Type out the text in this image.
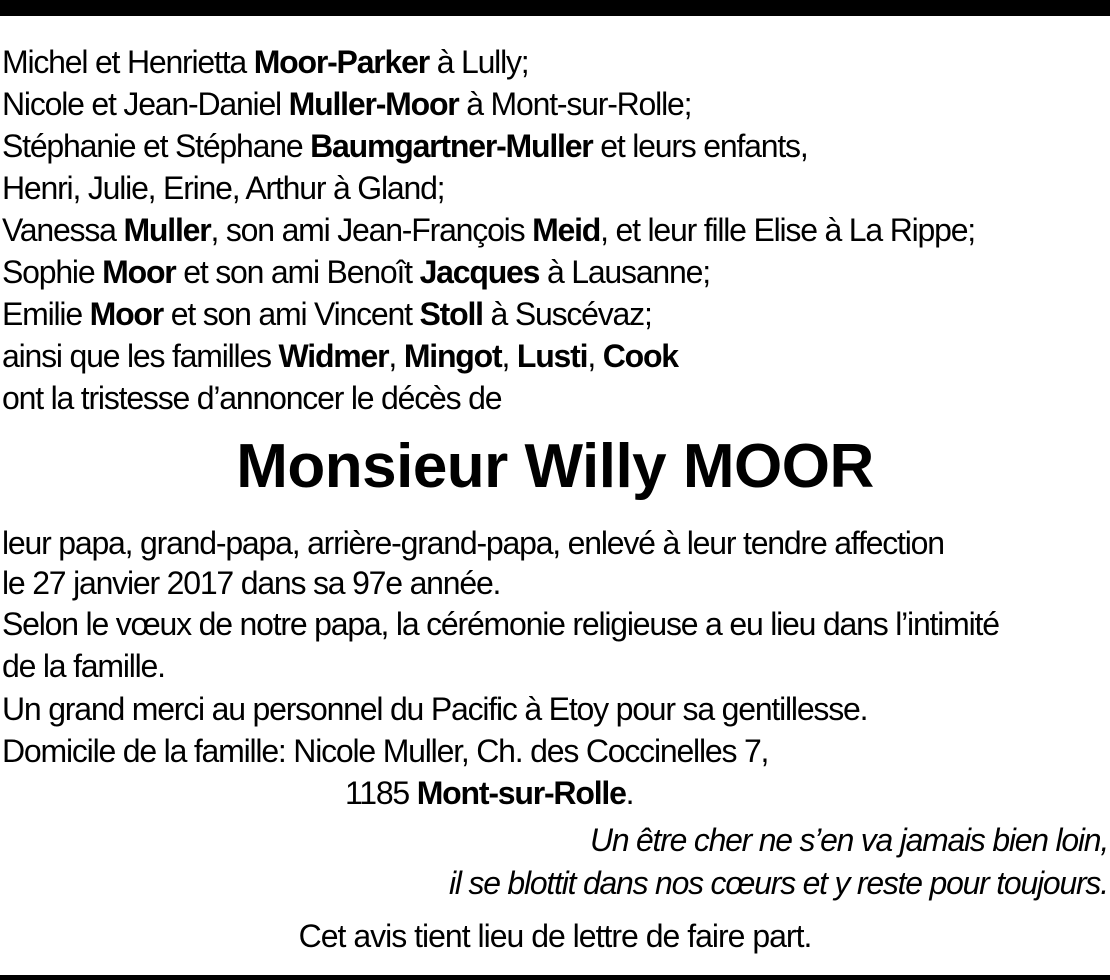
Michel et Henrietta Moor-Parker à Lully;
Nicole et Jean-Daniel Muller-Moor à Mont-sur-Rolle;
Stéphanie et Stéphane Baumgartner-Muller et leurs enfants,
Henri, Julie, Erine, Arthur à Gland;
Vanessa Muller, son ami Jean-François Meid, et leur fille Elise à La Rippe;
Sophie Moor et son ami Benoît Jacques à Lausanne;
Emilie Moor et son ami Vincent Stoll à Suscévaz;
ainsi que les familles Widmer, Mingot, Lusti, Cook
ont la tristesse d’annoncer le décès de
Monsieur Willy MOOR
leur papa, grand-papa, arrière-grand-papa, enlevé à leur tendre affection
le 27 janvier 2017 dans sa 97e année.
Selon le vœux de notre papa, la cérémonie religieuse a eu lieu dans l’intimité
de la famille.
Un grand merci au personnel du Pacific à Etoy pour sa gentillesse.
Domicile de la famille: Nicole Muller, Ch. des Coccinelles 7,
1185 Mont-sur-Rolle.
Un être cher ne s’en va jamais bien loin,
il se blottit dans nos cœurs et y reste pour toujours.
Cet avis tient lieu de lettre de faire part.
